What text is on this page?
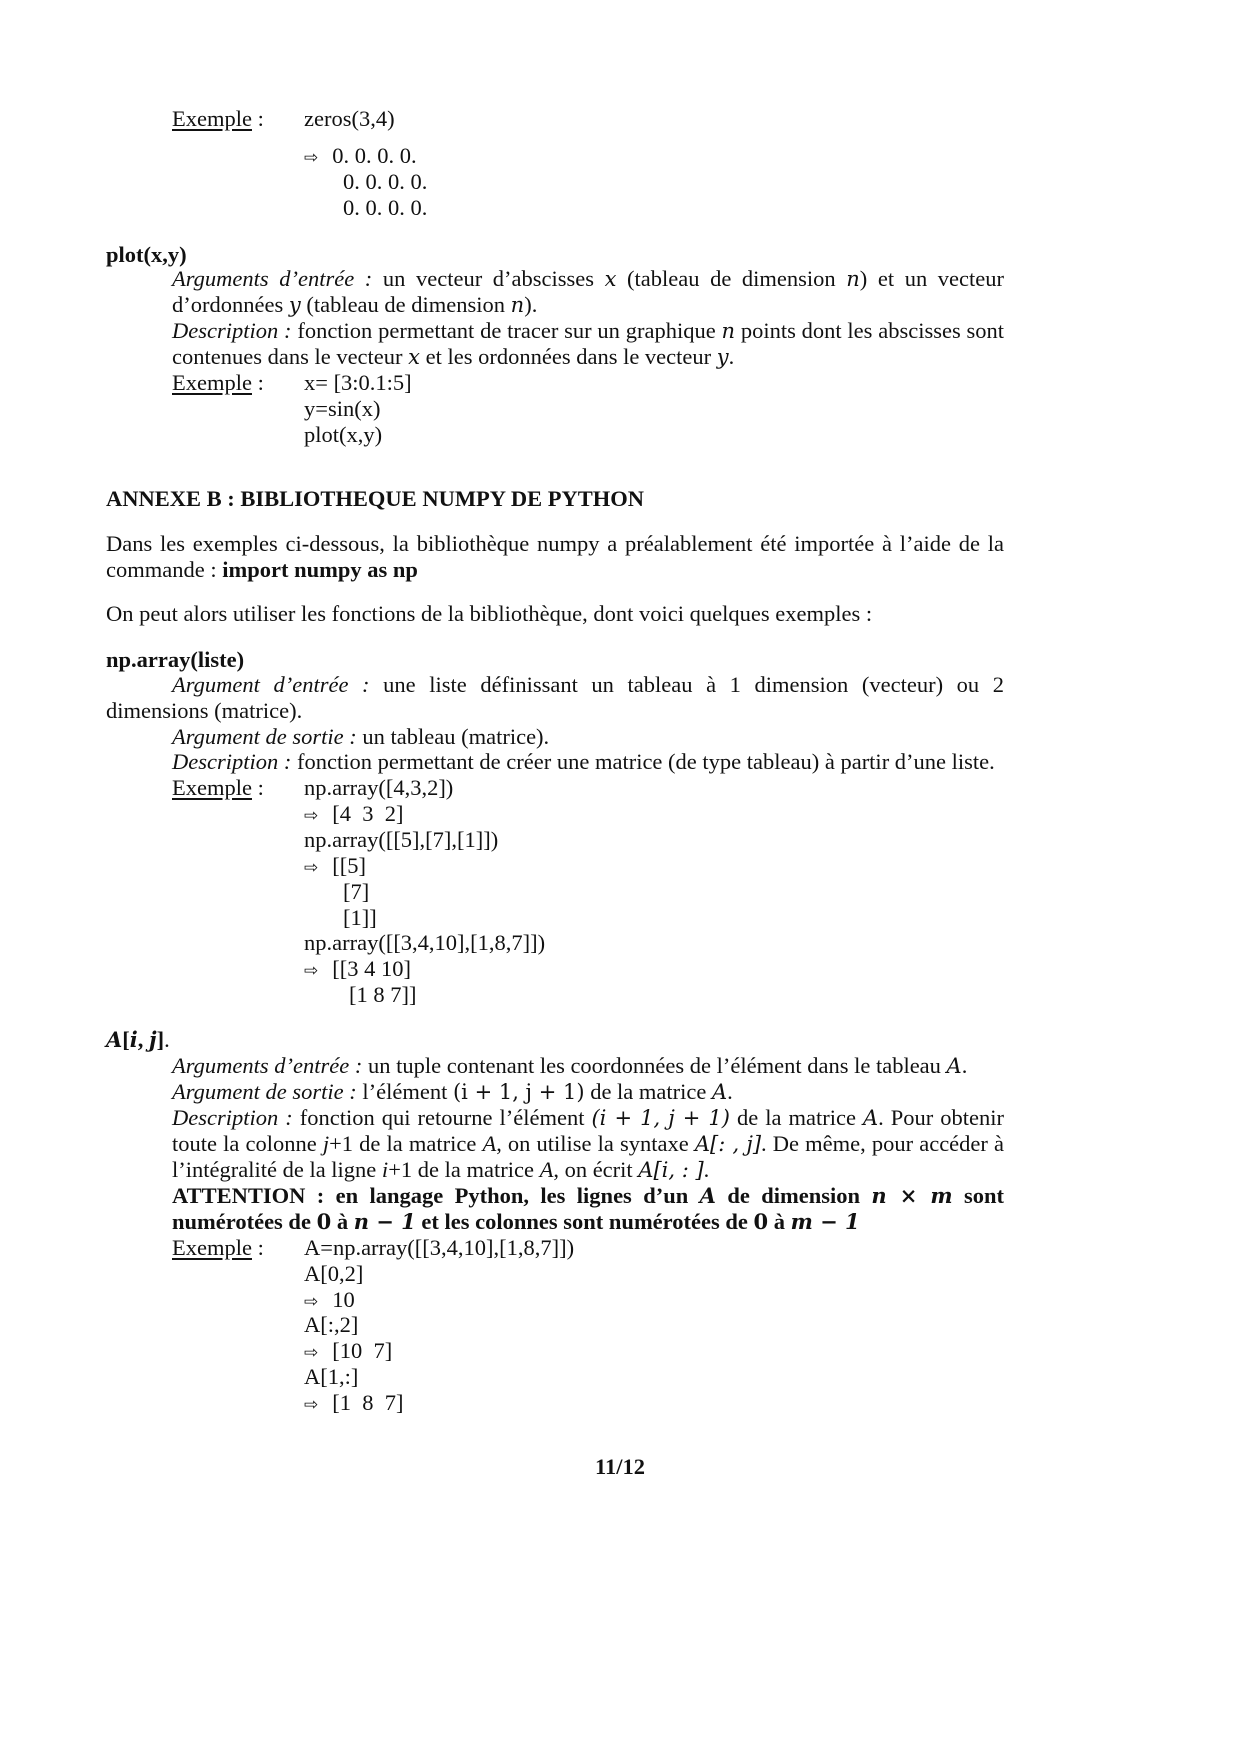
Exemple : zeros(3,4)
⇨ 0. 0. 0. 0.
0. 0. 0. 0.
0. 0. 0. 0.
plot(x,y)
Arguments d’entrée : un vecteur d’abscisses x (tableau de dimension n) et un vecteur
d’ordonnées y (tableau de dimension n).
Description : fonction permettant de tracer sur un graphique n points dont les abscisses sont
contenues dans le vecteur x et les ordonnées dans le vecteur y.
Exemple : x= [3:0.1:5]
y=sin(x)
plot(x,y)
ANNEXE B : BIBLIOTHEQUE NUMPY DE PYTHON
Dans les exemples ci-dessous, la bibliothèque numpy a préalablement été importée à l’aide de la
commande : import numpy as np
On peut alors utiliser les fonctions de la bibliothèque, dont voici quelques exemples :
np.array(liste)
Argument d’entrée : une liste définissant un tableau à 1 dimension (vecteur) ou 2
dimensions (matrice).
Argument de sortie : un tableau (matrice).
Description : fonction permettant de créer une matrice (de type tableau) à partir d’une liste.
Exemple : np.array([4,3,2])
⇨ [4  3  2]
np.array([[5],[7],[1]])
⇨ [[5]
[7]
[1]]
np.array([[3,4,10],[1,8,7]])
⇨ [[3 4 10]
[1 8 7]]
A[i, j].
Arguments d’entrée : un tuple contenant les coordonnées de l’élément dans le tableau A.
Argument de sortie : l’élément (i + 1, j + 1) de la matrice A.
Description : fonction qui retourne l’élément (i + 1, j + 1) de la matrice A. Pour obtenir
toute la colonne j+1 de la matrice A, on utilise la syntaxe A[: , j]. De même, pour accéder à
l’intégralité de la ligne i+1 de la matrice A, on écrit A[i, : ].
ATTENTION : en langage Python, les lignes d’un A de dimension n × m sont
numérotées de 0 à n − 1 et les colonnes sont numérotées de 0 à m − 1
Exemple : A=np.array([[3,4,10],[1,8,7]])
A[0,2]
⇨ 10
A[:,2]
⇨ [10  7]
A[1,:]
⇨ [1  8  7]
11/12
